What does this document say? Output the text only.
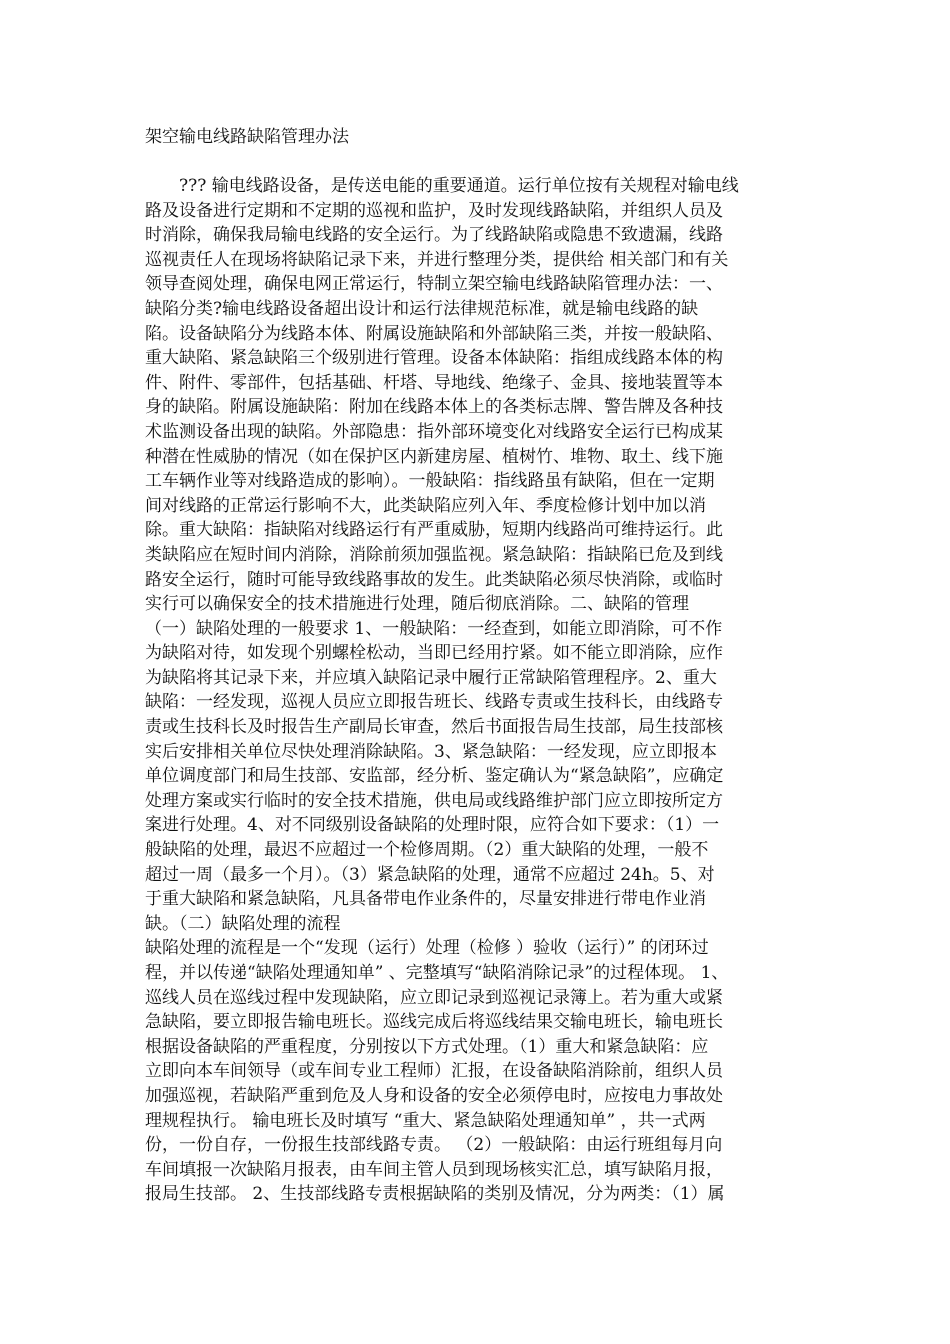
架空输电线路缺陷管理办法
　　??? 输电线路设备，是传送电能的重要通道。运行单位按有关规程对输电线
路及设备进行定期和不定期的巡视和监护，及时发现线路缺陷，并组织人员及
时消除，确保我局输电线路的安全运行。为了线路缺陷或隐患不致遗漏，线路
巡视责任人在现场将缺陷记录下来，并进行整理分类，提供给 相关部门和有关
领导查阅处理，确保电网正常运行，特制立架空输电线路缺陷管理办法：一、
缺陷分类?输电线路设备超出设计和运行法律规范标准，就是输电线路的缺
陷。设备缺陷分为线路本体、附属设施缺陷和外部缺陷三类，并按一般缺陷、
重大缺陷、紧急缺陷三个级别进行管理。设备本体缺陷：指组成线路本体的构
件、附件、零部件，包括基础、杆塔、导地线、绝缘子、金具、接地装置等本
身的缺陷。附属设施缺陷：附加在线路本体上的各类标志牌、警告牌及各种技
术监测设备出现的缺陷。外部隐患：指外部环境变化对线路安全运行已构成某
种潜在性威胁的情况（如在保护区内新建房屋、植树竹、堆物、取土、线下施
工车辆作业等对线路造成的影响）。一般缺陷：指线路虽有缺陷，但在一定期
间对线路的正常运行影响不大，此类缺陷应列入年、季度检修计划中加以消
除。重大缺陷：指缺陷对线路运行有严重威胁，短期内线路尚可维持运行。此
类缺陷应在短时间内消除，消除前须加强监视。紧急缺陷：指缺陷已危及到线
路安全运行，随时可能导致线路事故的发生。此类缺陷必须尽快消除，或临时
实行可以确保安全的技术措施进行处理，随后彻底消除。二、缺陷的管理
（一）缺陷处理的一般要求 1、一般缺陷：一经查到，如能立即消除，可不作
为缺陷对待，如发现个别螺栓松动，当即已经用拧紧。如不能立即消除，应作
为缺陷将其记录下来，并应填入缺陷记录中履行正常缺陷管理程序。2、重大
缺陷：一经发现，巡视人员应立即报告班长、线路专责或生技科长，由线路专
责或生技科长及时报告生产副局长审查，然后书面报告局生技部，局生技部核
实后安排相关单位尽快处理消除缺陷。3、紧急缺陷：一经发现，应立即报本
单位调度部门和局生技部、安监部，经分析、鉴定确认为“紧急缺陷”，应确定
处理方案或实行临时的安全技术措施，供电局或线路维护部门应立即按所定方
案进行处理。4、对不同级别设备缺陷的处理时限，应符合如下要求：（1）一
般缺陷的处理，最迟不应超过一个检修周期。（2）重大缺陷的处理，一般不
超过一周（最多一个月）。（3）紧急缺陷的处理，通常不应超过 24h。5、对
于重大缺陷和紧急缺陷，凡具备带电作业条件的，尽量安排进行带电作业消
缺。（二）缺陷处理的流程
缺陷处理的流程是一个“发现（运行）处理（检修 ）验收（运行）” 的闭环过
程，并以传递“缺陷处理通知单” 、完整填写“缺陷消除记录”的过程体现。 1、
巡线人员在巡线过程中发现缺陷，应立即记录到巡视记录簿上。若为重大或紧
急缺陷，要立即报告输电班长。巡线完成后将巡线结果交输电班长，输电班长
根据设备缺陷的严重程度，分别按以下方式处理。（1）重大和紧急缺陷：应
立即向本车间领导（或车间专业工程师）汇报，在设备缺陷消除前，组织人员
加强巡视，若缺陷严重到危及人身和设备的安全必须停电时，应按电力事故处
理规程执行。 输电班长及时填写 “重大、紧急缺陷处理通知单” ，共一式两
份，一份自存，一份报生技部线路专责。 （2）一般缺陷：由运行班组每月向
车间填报一次缺陷月报表，由车间主管人员到现场核实汇总，填写缺陷月报，
报局生技部。 2、生技部线路专责根据缺陷的类别及情况，分为两类：（1）属
